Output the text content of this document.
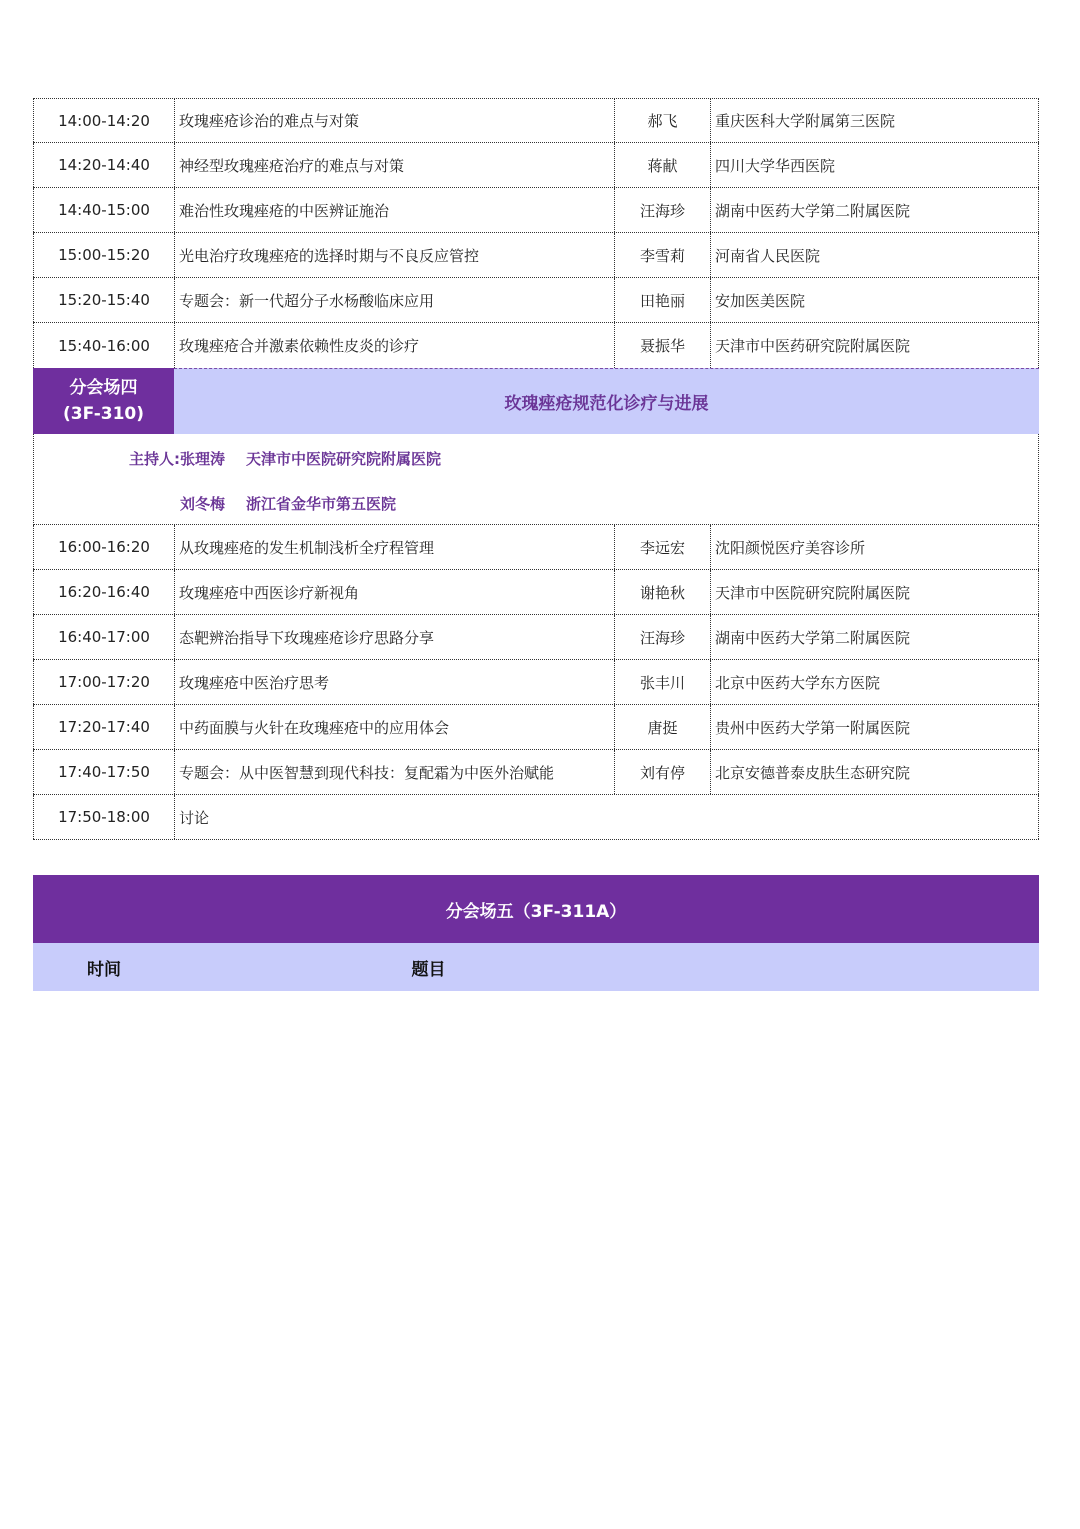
14:00-14:20	玫瑰痤疮诊治的难点与对策	郝飞	重庆医科大学附属第三医院
14:20-14:40	神经型玫瑰痤疮治疗的难点与对策	蒋献	四川大学华西医院
14:40-15:00	难治性玫瑰痤疮的中医辨证施治	汪海珍	湖南中医药大学第二附属医院
15:00-15:20	光电治疗玫瑰痤疮的选择时期与不良反应管控	李雪莉	河南省人民医院
15:20-15:40	专题会：新一代超分子水杨酸临床应用	田艳丽	安加医美医院
15:40-16:00	玫瑰痤疮合并激素依赖性皮炎的诊疗	聂振华	天津市中医药研究院附属医院
分会场四
(3F-310)	玫瑰痤疮规范化诊疗与进展
主持人: 张理涛	天津市中医院研究院附属医院
刘冬梅	浙江省金华市第五医院
16:00-16:20	从玫瑰痤疮的发生机制浅析全疗程管理	李远宏	沈阳颜悦医疗美容诊所
16:20-16:40	玫瑰痤疮中西医诊疗新视角	谢艳秋	天津市中医院研究院附属医院
16:40-17:00	态靶辨治指导下玫瑰痤疮诊疗思路分享	汪海珍	湖南中医药大学第二附属医院
17:00-17:20	玫瑰痤疮中医治疗思考	张丰川	北京中医药大学东方医院
17:20-17:40	中药面膜与火针在玫瑰痤疮中的应用体会	唐挺	贵州中医药大学第一附属医院
17:40-17:50	专题会：从中医智慧到现代科技：复配霜为中医外治赋能	刘有停	北京安德普泰皮肤生态研究院
17:50-18:00	讨论
分会场五（3F-311A）
时间	题目
